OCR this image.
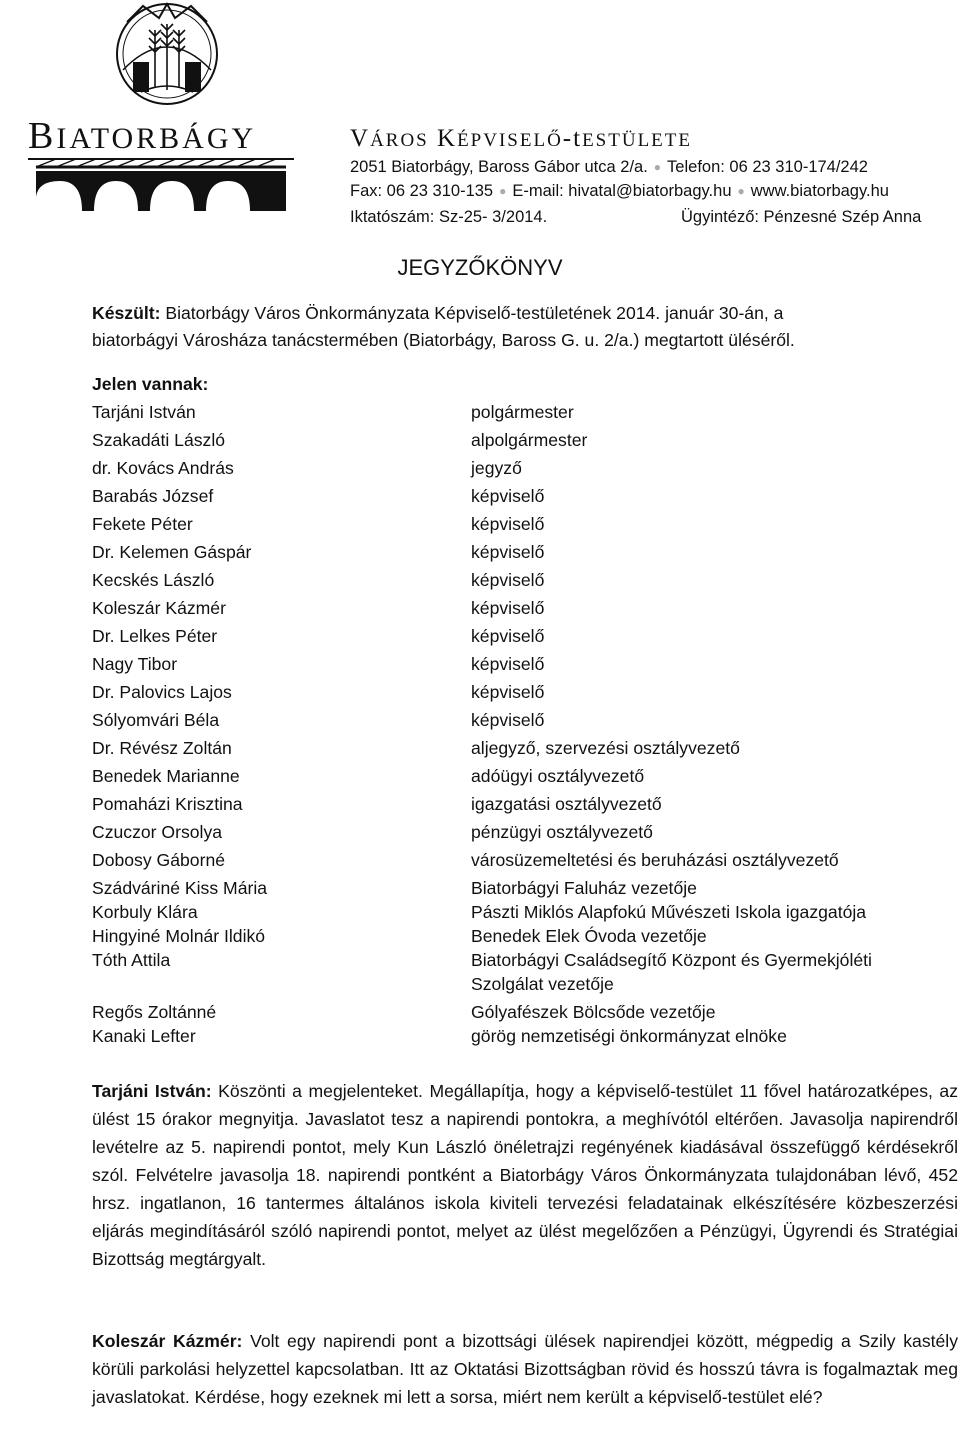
BIATORBÁGY	VÁROS KÉPVISELŐ-tESTÜLETE
2051 Biatorbágy, Baross Gábor utca 2/a. ● Telefon: 06 23 310-174/242
Fax: 06 23 310-135 ● E-mail: hivatal@biatorbagy.hu ● www.biatorbagy.hu
Iktatószám: Sz-25- 3/2014.	Ügyintéző: Pénzesné Szép Anna
JEGYZŐKÖNYV
Készült: Biatorbágy Város Önkormányzata Képviselő-testületének 2014. január 30-án, a
biatorbágyi Városháza tanácstermében (Biatorbágy, Baross G. u. 2/a.) megtartott üléséről.
Jelen vannak:
Tarjáni István	polgármester
Szakadáti László	alpolgármester
dr. Kovács András	jegyző
Barabás József	képviselő
Fekete Péter	képviselő
Dr. Kelemen Gáspár	képviselő
Kecskés László	képviselő
Koleszár Kázmér	képviselő
Dr. Lelkes Péter	képviselő
Nagy Tibor	képviselő
Dr. Palovics Lajos	képviselő
Sólyomvári Béla	képviselő
Dr. Révész Zoltán	aljegyző, szervezési osztályvezető
Benedek Marianne	adóügyi osztályvezető
Pomaházi Krisztina	igazgatási osztályvezető
Czuczor Orsolya	pénzügyi osztályvezető
Dobosy Gáborné	városüzemeltetési és beruházási osztályvezető
Szádváriné Kiss Mária	Biatorbágyi Faluház vezetője
Korbuly Klára	Pászti Miklós Alapfokú Művészeti Iskola igazgatója
Hingyiné Molnár Ildikó	Benedek Elek Óvoda vezetője
Tóth Attila	Biatorbágyi Családsegítő Központ és Gyermekjóléti
Szolgálat vezetője
Regős Zoltánné	Gólyafészek Bölcsőde vezetője
Kanaki Lefter	görög nemzetiségi önkormányzat elnöke
Tarjáni István: Köszönti a megjelenteket. Megállapítja, hogy a képviselő-testület 11 fővel határozatképes, az ülést 15 órakor megnyitja. Javaslatot tesz a napirendi pontokra, a meghívótól eltérően. Javasolja napirendről levételre az 5. napirendi pontot, mely Kun László önéletrajzi regényének kiadásával összefüggő kérdésekről szól. Felvételre javasolja 18. napirendi pontként a Biatorbágy Város Önkormányzata tulajdonában lévő, 452 hrsz. ingatlanon, 16 tantermes általános iskola kiviteli tervezési feladatainak elkészítésére közbeszerzési eljárás megindításáról szóló napirendi pontot, melyet az ülést megelőzően a Pénzügyi, Ügyrendi és Stratégiai Bizottság megtárgyalt.
Koleszár Kázmér: Volt egy napirendi pont a bizottsági ülések napirendjei között, mégpedig a Szily kastély körüli parkolási helyzettel kapcsolatban. Itt az Oktatási Bizottságban rövid és hosszú távra is fogalmaztak meg javaslatokat. Kérdése, hogy ezeknek mi lett a sorsa, miért nem került a képviselő-testület elé?
